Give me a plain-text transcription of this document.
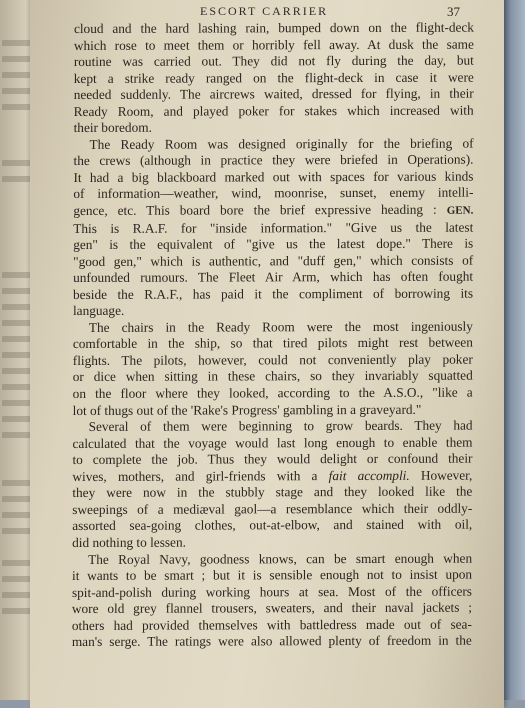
ESCORT CARRIER	37
cloud and the hard lashing rain, bumped down on the flight-deck
which rose to meet them or horribly fell away. At dusk the same
routine was carried out. They did not fly during the day, but
kept a strike ready ranged on the flight-deck in case it were
needed suddenly. The aircrews waited, dressed for flying, in their
Ready Room, and played poker for stakes which increased with
their boredom.
The Ready Room was designed originally for the briefing of
the crews (although in practice they were briefed in Operations).
It had a big blackboard marked out with spaces for various kinds
of information—weather, wind, moonrise, sunset, enemy intelli-
gence, etc. This board bore the brief expressive heading : GEN.
This is R.A.F. for "inside information." "Give us the latest
gen" is the equivalent of "give us the latest dope." There is
"good gen," which is authentic, and "duff gen," which consists of
unfounded rumours. The Fleet Air Arm, which has often fought
beside the R.A.F., has paid it the compliment of borrowing its
language.
The chairs in the Ready Room were the most ingeniously
comfortable in the ship, so that tired pilots might rest between
flights. The pilots, however, could not conveniently play poker
or dice when sitting in these chairs, so they invariably squatted
on the floor where they looked, according to the A.S.O., "like a
lot of thugs out of the 'Rake's Progress' gambling in a graveyard."
Several of them were beginning to grow beards. They had
calculated that the voyage would last long enough to enable them
to complete the job. Thus they would delight or confound their
wives, mothers, and girl-friends with a fait accompli. However,
they were now in the stubbly stage and they looked like the
sweepings of a mediæval gaol—a resemblance which their oddly-
assorted sea-going clothes, out-at-elbow, and stained with oil,
did nothing to lessen.
The Royal Navy, goodness knows, can be smart enough when
it wants to be smart ; but it is sensible enough not to insist upon
spit-and-polish during working hours at sea. Most of the officers
wore old grey flannel trousers, sweaters, and their naval jackets ;
others had provided themselves with battledress made out of sea-
man's serge. The ratings were also allowed plenty of freedom in the
